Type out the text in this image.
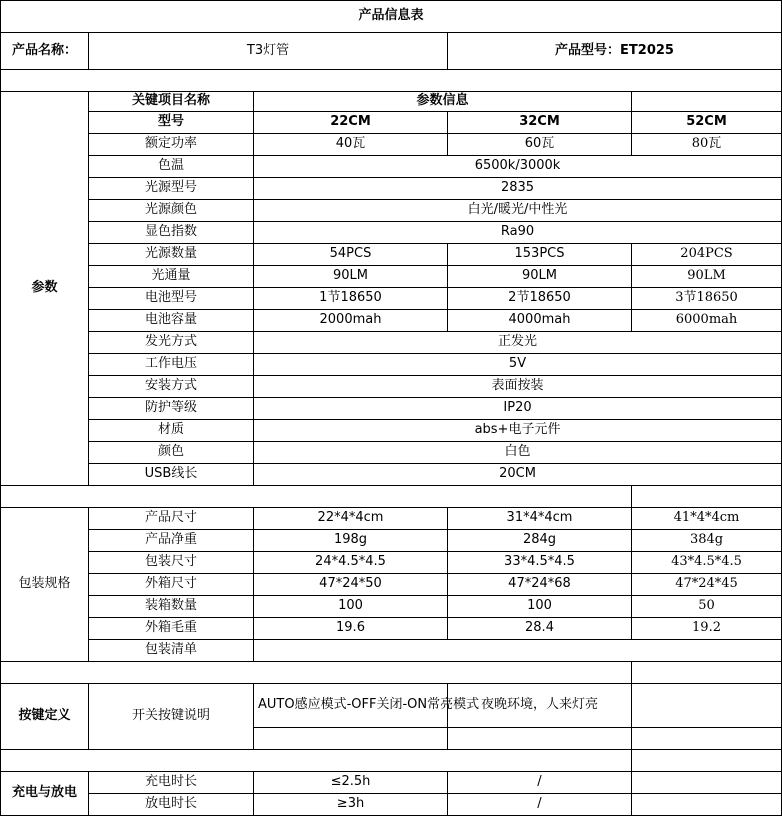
产品信息表				
产品名称：	T3灯管		产品型号：ET2025	

参数	关键项目名称	参数信息		
	型号	22CM	32CM	52CM
	额定功率	40瓦	60瓦	80瓦
	色温	6500k/3000k		
	光源型号	2835		
	光源颜色	白光/暖光/中性光		
	显色指数	Ra90		
	光源数量	54PCS	153PCS	204PCS
	光通量	90LM	90LM	90LM
	电池型号	1节18650	2节18650	3节18650
	电池容量	2000mah	4000mah	6000mah
	发光方式	正发光		
	工作电压	5V		
	安装方式	表面按装		
	防护等级	IP20		
	材质	abs+电子元件		
	颜色	白色		
	USB线长	20CM		

包装规格	产品尺寸	22*4*4cm	31*4*4cm	41*4*4cm
	产品净重	198g	284g	384g
	包装尺寸	24*4.5*4.5	33*4.5*4.5	43*4.5*4.5
	外箱尺寸	47*24*50	47*24*68	47*24*45
	装箱数量	100	100	50
	外箱毛重	19.6	28.4	19.2
	包装清单			

按键定义	开关按键说明	AUTO感应模式-OFF关闭-ON常亮模式	夜晚环境，人来灯亮	

充电与放电	充电时长	≤2.5h	/	
	放电时长	≥3h	/	
